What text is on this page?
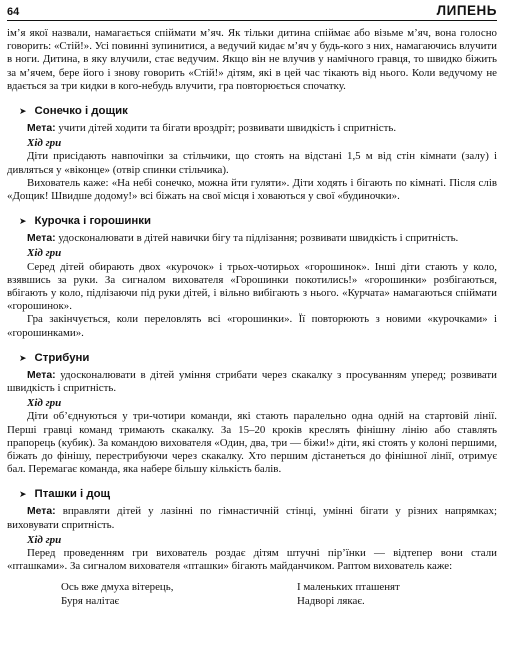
64	ЛИПЕНЬ

ім’я якої назвали, намагається спіймати м’яч. Як тільки дитина спіймає або візьме м’яч, вона голосно говорить: «Стій!». Усі повинні зупинитися, а ведучий кидає м’яч у будь-кого з них, намагаючись влучити в ноги. Дитина, в яку влучили, стає ведучим. Якщо він не влучив у намічного гравця, то швидко біжить за м’ячем, бере його і знову говорить «Стій!» дітям, які в цей час тікають від нього. Коли ведучому не вдається за три кидки в кого-небудь влучити, гра повторюється спочатку.

➤ Сонечко і дощик

Мета: учити дітей ходити та бігати вроздріт; розвивати швидкість і спритність.

Хід гри

Діти присідають навпочіпки за стільчики, що стоять на відстані 1,5 м від стін кімнати (залу) і дивляться у «віконце» (отвір спинки стільчика).

Вихователь каже: «На небі сонечко, можна йти гуляти». Діти ходять і бігають по кімнаті. Після слів «Дощик! Швидше додому!» всі біжать на свої місця і ховаються у свої «будиночки».

➤ Курочка і горошинки

Мета: удосконалювати в дітей навички бігу та підлізання; розвивати швидкість і спритність.

Хід гри

Серед дітей обирають двох «курочок» і трьох-чотирьох «горошинок». Інші діти стають у коло, взявшись за руки. За сигналом вихователя «Горошинки покотились!» «горошинки» розбігаються, вбігають у коло, підлізаючи під руки дітей, і вільно вибігають з нього. «Курчата» намагаються спіймати «горошинок».

Гра закінчується, коли переловлять всі «горошинки». Її повторюють з новими «курочками» і «горошинками».

➤ Стрибуни

Мета: удосконалювати в дітей уміння стрибати через скакалку з просуванням уперед; розвивати швидкість і спритність.

Хід гри

Діти об’єднуються у три-чотири команди, які стають паралельно одна одній на стартовій лінії. Перші гравці команд тримають скакалку. За 15–20 кроків креслять фінішну лінію або ставлять прапорець (кубик). За командою вихователя «Один, два, три — біжи!» діти, які стоять у колоні першими, біжать до фінішу, перестрибуючи через скакалку. Хто першим дістанеться до фінішної лінії, отримує бал. Перемагає команда, яка набере більшу кількість балів.

➤ Пташки і дощ

Мета: вправляти дітей у лазінні по гімнастичній стінці, умінні бігати у різних напрямках; виховувати спритність.

Хід гри

Перед проведенням гри вихователь роздає дітям штучні пір’їнки — відтепер вони стали «пташками». За сигналом вихователя «пташки» бігають майданчиком. Раптом вихователь каже:

Ось вже дмуха вітерець,
Буря налітає
І маленьких пташенят
Надворі лякає.
